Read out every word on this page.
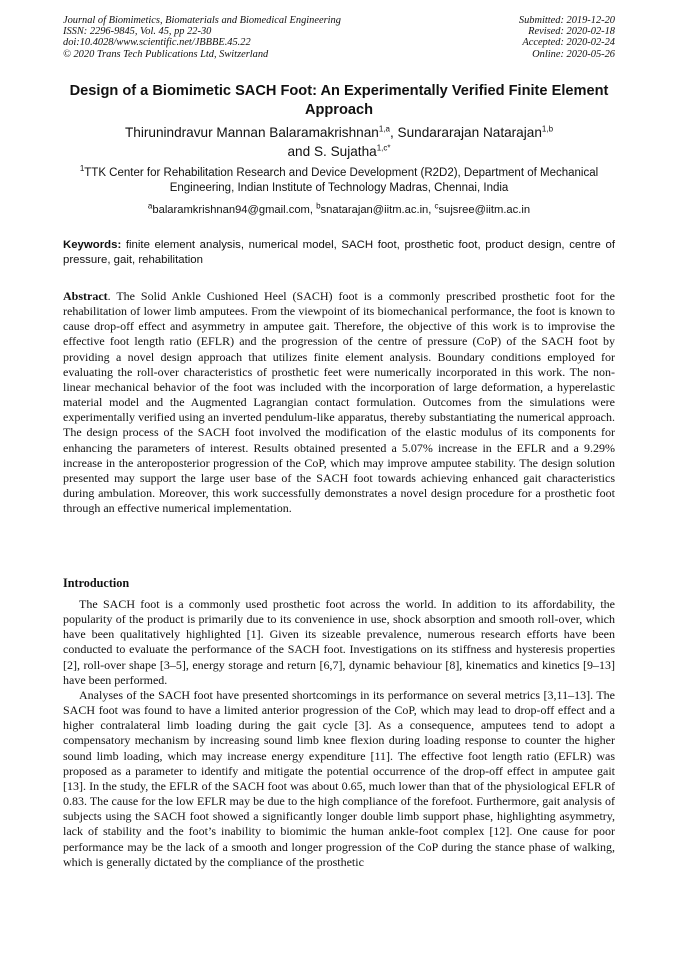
Journal of Biomimetics, Biomaterials and Biomedical Engineering
ISSN: 2296-9845, Vol. 45, pp 22-30
doi:10.4028/www.scientific.net/JBBBE.45.22
© 2020 Trans Tech Publications Ltd, Switzerland
Submitted: 2019-12-20
Revised: 2020-02-18
Accepted: 2020-02-24
Online: 2020-05-26
Design of a Biomimetic SACH Foot: An Experimentally Verified Finite Element Approach
Thirunindravur Mannan Balaramakrishnan$^{1,a}$, Sundararajan Natarajan$^{1,b}$
and S. Sujatha$^{1,c*}$
$^1$TTK Center for Rehabilitation Research and Device Development (R2D2), Department of Mechanical Engineering, Indian Institute of Technology Madras, Chennai, India
$^a$balaramkrishnan94@gmail.com, $^b$snatarajan@iitm.ac.in, $^c$sujsree@iitm.ac.in
Keywords: finite element analysis, numerical model, SACH foot, prosthetic foot, product design, centre of pressure, gait, rehabilitation
Abstract. The Solid Ankle Cushioned Heel (SACH) foot is a commonly prescribed prosthetic foot for the rehabilitation of lower limb amputees. From the viewpoint of its biomechanical performance, the foot is known to cause drop-off effect and asymmetry in amputee gait. Therefore, the objective of this work is to improvise the effective foot length ratio (EFLR) and the progression of the centre of pressure (CoP) of the SACH foot by providing a novel design approach that utilizes finite element analysis. Boundary conditions employed for evaluating the roll-over characteristics of prosthetic feet were numerically incorporated in this work. The non-linear mechanical behavior of the foot was included with the incorporation of large deformation, a hyperelastic material model and the Augmented Lagrangian contact formulation. Outcomes from the simulations were experimentally verified using an inverted pendulum-like apparatus, thereby substantiating the numerical approach. The design process of the SACH foot involved the modification of the elastic modulus of its components for enhancing the parameters of interest. Results obtained presented a 5.07% increase in the EFLR and a 9.29% increase in the anteroposterior progression of the CoP, which may improve amputee stability. The design solution presented may support the large user base of the SACH foot towards achieving enhanced gait characteristics during ambulation. Moreover, this work successfully demonstrates a novel design procedure for a prosthetic foot through an effective numerical implementation.
Introduction

The SACH foot is a commonly used prosthetic foot across the world. In addition to its affordability, the popularity of the product is primarily due to its convenience in use, shock absorption and smooth roll-over, which have been qualitatively highlighted [1]. Given its sizeable prevalence, numerous research efforts have been conducted to evaluate the performance of the SACH foot. Investigations on its stiffness and hysteresis properties [2], roll-over shape [3–5], energy storage and return [6,7], dynamic behaviour [8], kinematics and kinetics [9–13] have been performed.

Analyses of the SACH foot have presented shortcomings in its performance on several metrics [3,11–13]. The SACH foot was found to have a limited anterior progression of the CoP, which may lead to drop-off effect and a higher contralateral limb loading during the gait cycle [3]. As a consequence, amputees tend to adopt a compensatory mechanism by increasing sound limb knee flexion during loading response to counter the higher sound limb loading, which may increase energy expenditure [11]. The effective foot length ratio (EFLR) was proposed as a parameter to identify and mitigate the potential occurrence of the drop-off effect in amputee gait [13]. In the study, the EFLR of the SACH foot was about 0.65, much lower than that of the physiological EFLR of 0.83. The cause for the low EFLR may be due to the high compliance of the forefoot. Furthermore, gait analysis of subjects using the SACH foot showed a significantly longer double limb support phase, highlighting asymmetry, lack of stability and the foot’s inability to biomimic the human ankle-foot complex [12]. One cause for poor performance may be the lack of a smooth and longer progression of the CoP during the stance phase of walking, which is generally dictated by the compliance of the prosthetic
